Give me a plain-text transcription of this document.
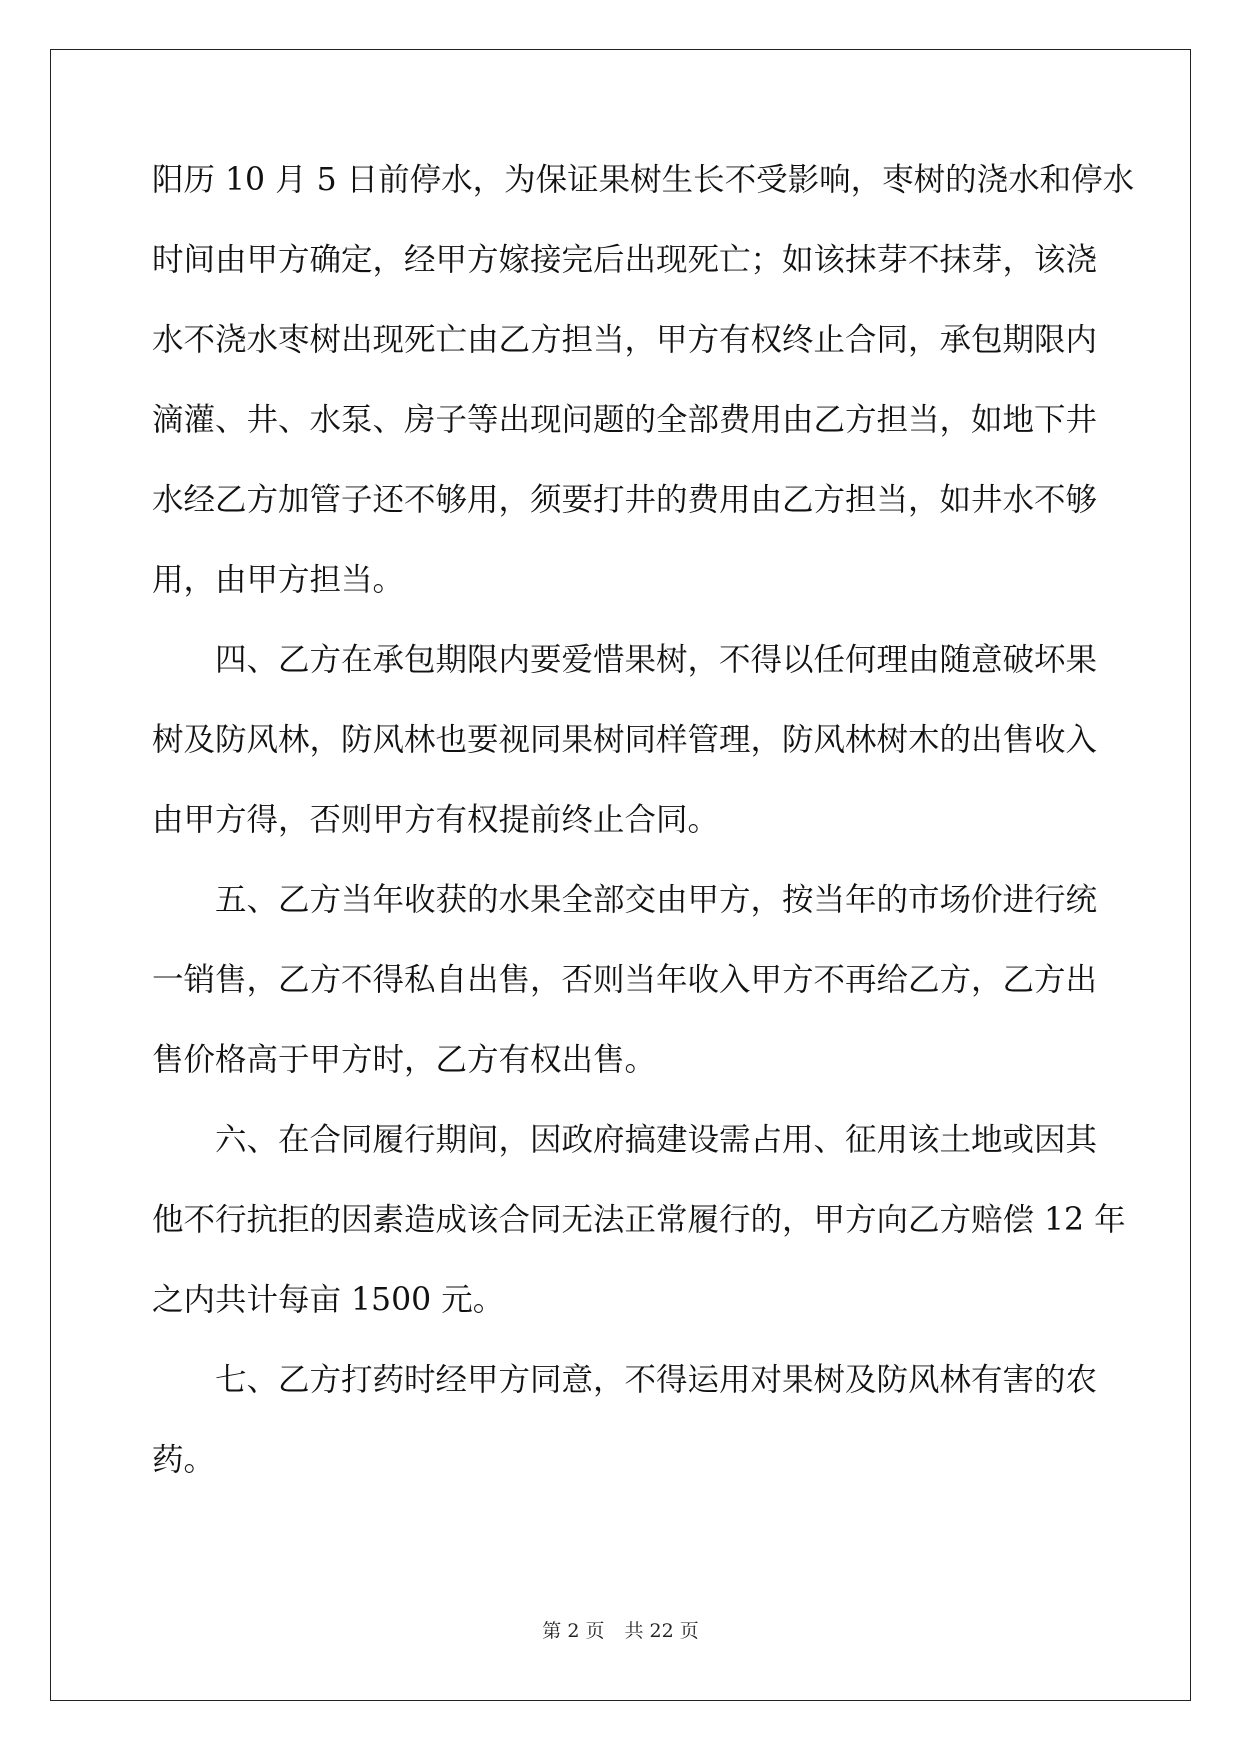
阳历 10 月 5 日前停水，为保证果树生长不受影响，枣树的浇水和停水
时间由甲方确定，经甲方嫁接完后出现死亡；如该抹芽不抹芽，该浇
水不浇水枣树出现死亡由乙方担当，甲方有权终止合同，承包期限内
滴灌、井、水泵、房子等出现问题的全部费用由乙方担当，如地下井
水经乙方加管子还不够用，须要打井的费用由乙方担当，如井水不够
用，由甲方担当。
四、乙方在承包期限内要爱惜果树，不得以任何理由随意破坏果
树及防风林，防风林也要视同果树同样管理，防风林树木的出售收入
由甲方得，否则甲方有权提前终止合同。
五、乙方当年收获的水果全部交由甲方，按当年的市场价进行统
一销售，乙方不得私自出售，否则当年收入甲方不再给乙方，乙方出
售价格高于甲方时，乙方有权出售。
六、在合同履行期间，因政府搞建设需占用、征用该土地或因其
他不行抗拒的因素造成该合同无法正常履行的，甲方向乙方赔偿 12 年
之内共计每亩 1500 元。
七、乙方打药时经甲方同意，不得运用对果树及防风林有害的农
药。
第 2 页 共 22 页
